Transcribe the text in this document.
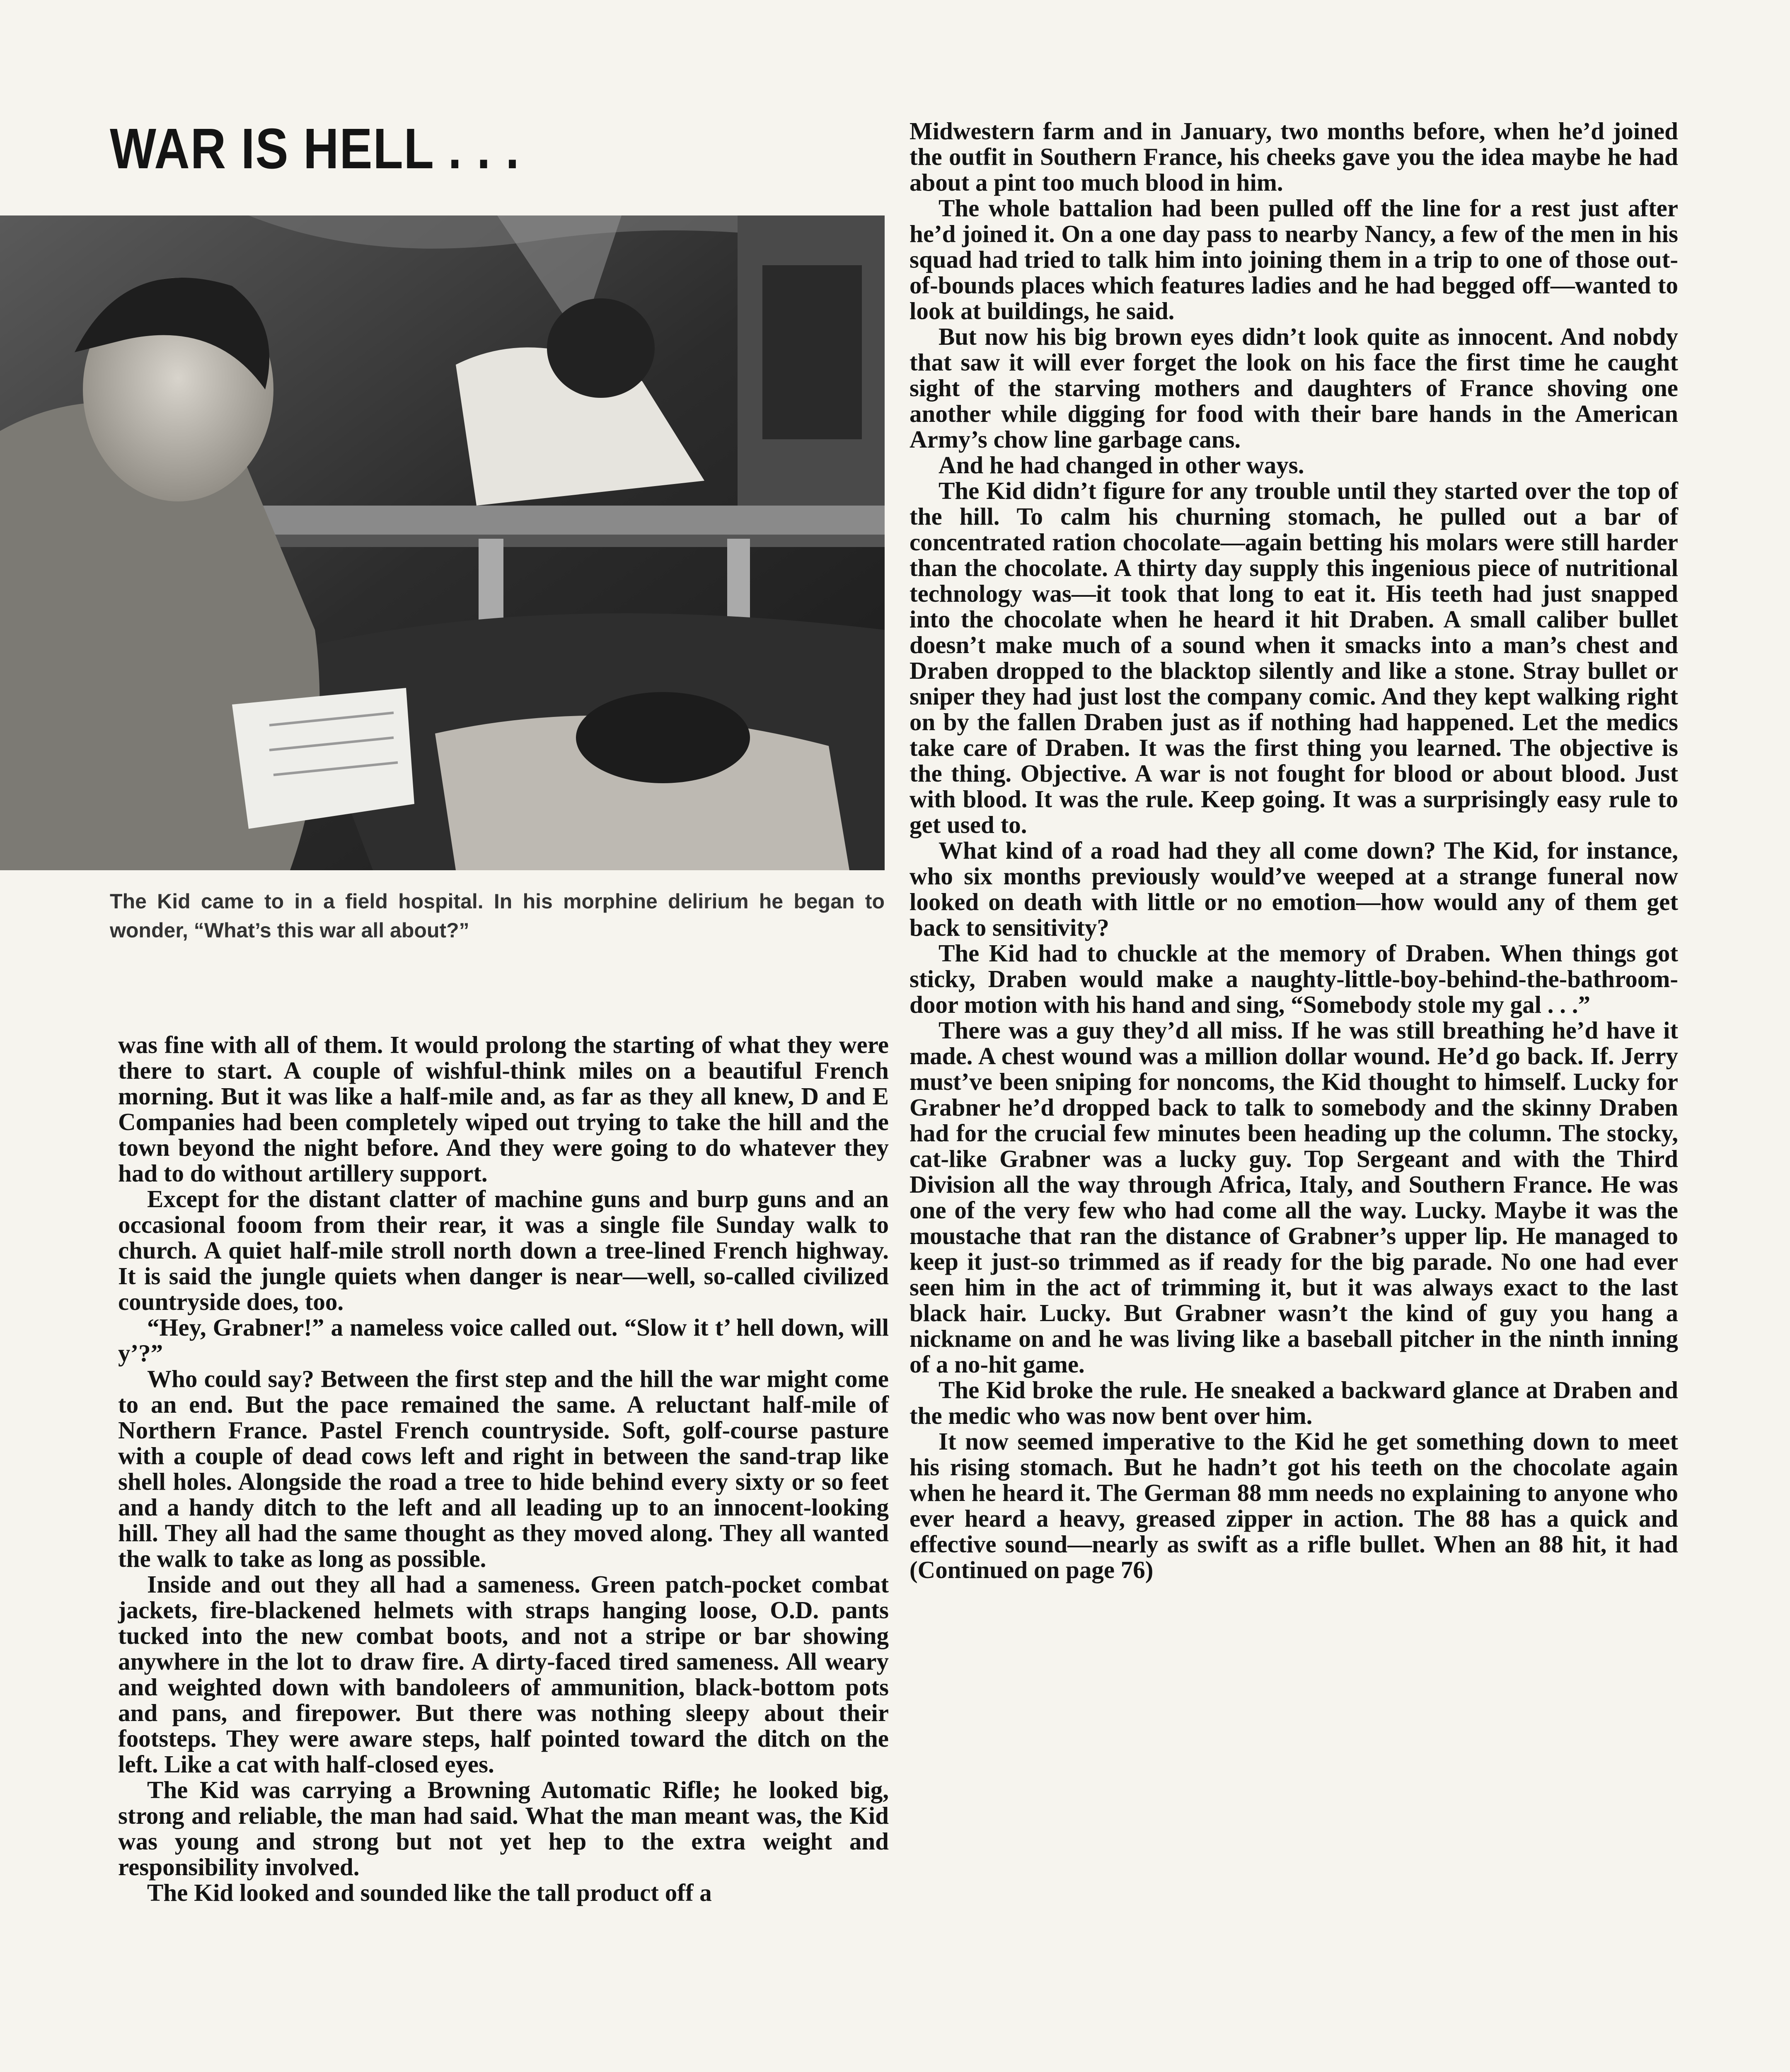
WAR IS HELL . . .

The Kid came to in a field hospital. In his morphine delirium he began to wonder, “What’s this war all about?”

was fine with all of them. It would prolong the starting of what they were there to start. A couple of wishful-think miles on a beautiful French morning. But it was like a half-mile and, as far as they all knew, D and E Companies had been completely wiped out trying to take the hill and the town beyond the night before. And they were going to do whatever they had to do without artillery support.

Except for the distant clatter of machine guns and burp guns and an occasional fooom from their rear, it was a single file Sunday walk to church. A quiet half-mile stroll north down a tree-lined French highway. It is said the jungle quiets when danger is near—well, so-called civilized countryside does, too.

“Hey, Grabner!” a nameless voice called out. “Slow it t’ hell down, will y’?”

Who could say? Between the first step and the hill the war might come to an end. But the pace remained the same. A reluctant half-mile of Northern France. Pastel French countryside. Soft, golf-course pasture with a couple of dead cows left and right in between the sand-trap like shell holes. Alongside the road a tree to hide behind every sixty or so feet and a handy ditch to the left and all leading up to an innocent-looking hill. They all had the same thought as they moved along. They all wanted the walk to take as long as possible.

Inside and out they all had a sameness. Green patch-pocket combat jackets, fire-blackened helmets with straps hanging loose, O.D. pants tucked into the new combat boots, and not a stripe or bar showing anywhere in the lot to draw fire. A dirty-faced tired sameness. All weary and weighted down with bandoleers of ammunition, black-bottom pots and pans, and firepower. But there was nothing sleepy about their footsteps. They were aware steps, half pointed toward the ditch on the left. Like a cat with half-closed eyes.

The Kid was carrying a Browning Automatic Rifle; he looked big, strong and reliable, the man had said. What the man meant was, the Kid was young and strong but not yet hep to the extra weight and responsibility involved.

The Kid looked and sounded like the tall product off a

Midwestern farm and in January, two months before, when he’d joined the outfit in Southern France, his cheeks gave you the idea maybe he had about a pint too much blood in him.

The whole battalion had been pulled off the line for a rest just after he’d joined it. On a one day pass to nearby Nancy, a few of the men in his squad had tried to talk him into joining them in a trip to one of those out-of-bounds places which features ladies and he had begged off—wanted to look at buildings, he said.

But now his big brown eyes didn’t look quite as innocent. And nobdy that saw it will ever forget the look on his face the first time he caught sight of the starving mothers and daughters of France shoving one another while digging for food with their bare hands in the American Army’s chow line garbage cans.

And he had changed in other ways.

The Kid didn’t figure for any trouble until they started over the top of the hill. To calm his churning stomach, he pulled out a bar of concentrated ration chocolate—again betting his molars were still harder than the chocolate. A thirty day supply this ingenious piece of nutritional technology was—it took that long to eat it. His teeth had just snapped into the chocolate when he heard it hit Draben. A small caliber bullet doesn’t make much of a sound when it smacks into a man’s chest and Draben dropped to the blacktop silently and like a stone. Stray bullet or sniper they had just lost the company comic. And they kept walking right on by the fallen Draben just as if nothing had happened. Let the medics take care of Draben. It was the first thing you learned. The objective is the thing. Objective. A war is not fought for blood or about blood. Just with blood. It was the rule. Keep going. It was a surprisingly easy rule to get used to.

What kind of a road had they all come down? The Kid, for instance, who six months previously would’ve weeped at a strange funeral now looked on death with little or no emotion—how would any of them get back to sensitivity?

The Kid had to chuckle at the memory of Draben. When things got sticky, Draben would make a naughty-little-boy-behind-the-bathroom-door motion with his hand and sing, “Somebody stole my gal . . .”

There was a guy they’d all miss. If he was still breathing he’d have it made. A chest wound was a million dollar wound. He’d go back. If. Jerry must’ve been sniping for noncoms, the Kid thought to himself. Lucky for Grabner he’d dropped back to talk to somebody and the skinny Draben had for the crucial few minutes been heading up the column. The stocky, cat-like Grabner was a lucky guy. Top Sergeant and with the Third Division all the way through Africa, Italy, and Southern France. He was one of the very few who had come all the way. Lucky. Maybe it was the moustache that ran the distance of Grabner’s upper lip. He managed to keep it just-so trimmed as if ready for the big parade. No one had ever seen him in the act of trimming it, but it was always exact to the last black hair. Lucky. But Grabner wasn’t the kind of guy you hang a nickname on and he was living like a baseball pitcher in the ninth inning of a no-hit game.

The Kid broke the rule. He sneaked a backward glance at Draben and the medic who was now bent over him.

It now seemed imperative to the Kid he get something down to meet his rising stomach. But he hadn’t got his teeth on the chocolate again when he heard it. The German 88 mm needs no explaining to anyone who ever heard a heavy, greased zipper in action. The 88 has a quick and effective sound—nearly as swift as a rifle bullet. When an 88 hit, it had (Continued on page 76)
